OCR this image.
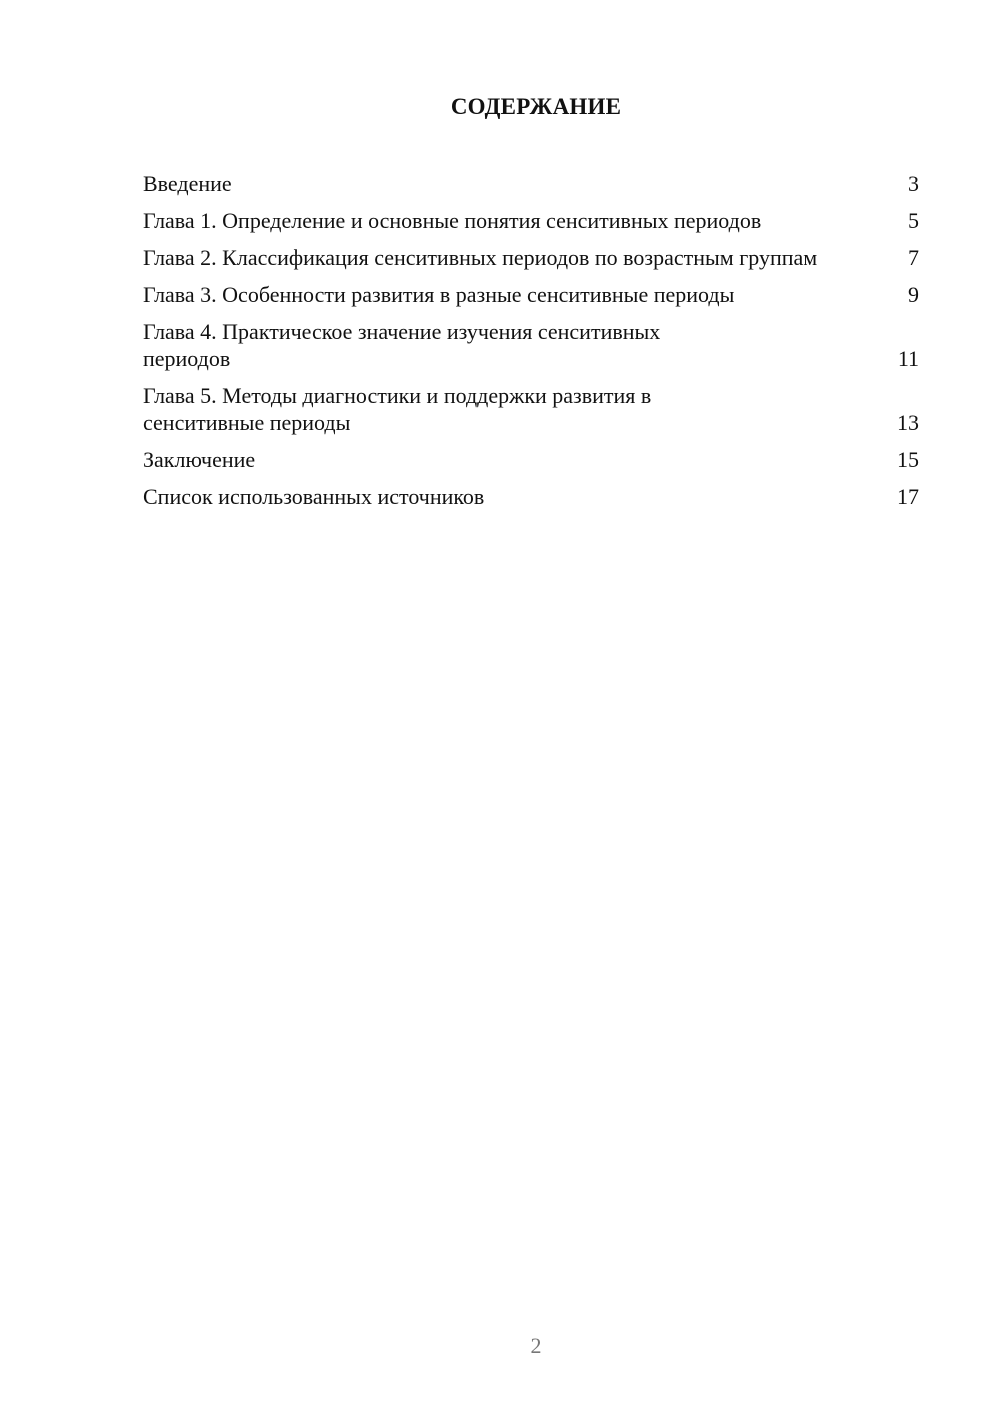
СОДЕРЖАНИЕ
Введение	3
Глава 1. Определение и основные понятия сенситивных периодов	5
Глава 2. Классификация сенситивных периодов по возрастным группам	7
Глава 3. Особенности развития в разные сенситивные периоды	9
Глава 4. Практическое значение изучения сенситивных периодов	11
Глава 5. Методы диагностики и поддержки развития в сенситивные периоды	13
Заключение	15
Список использованных источников	17
2
